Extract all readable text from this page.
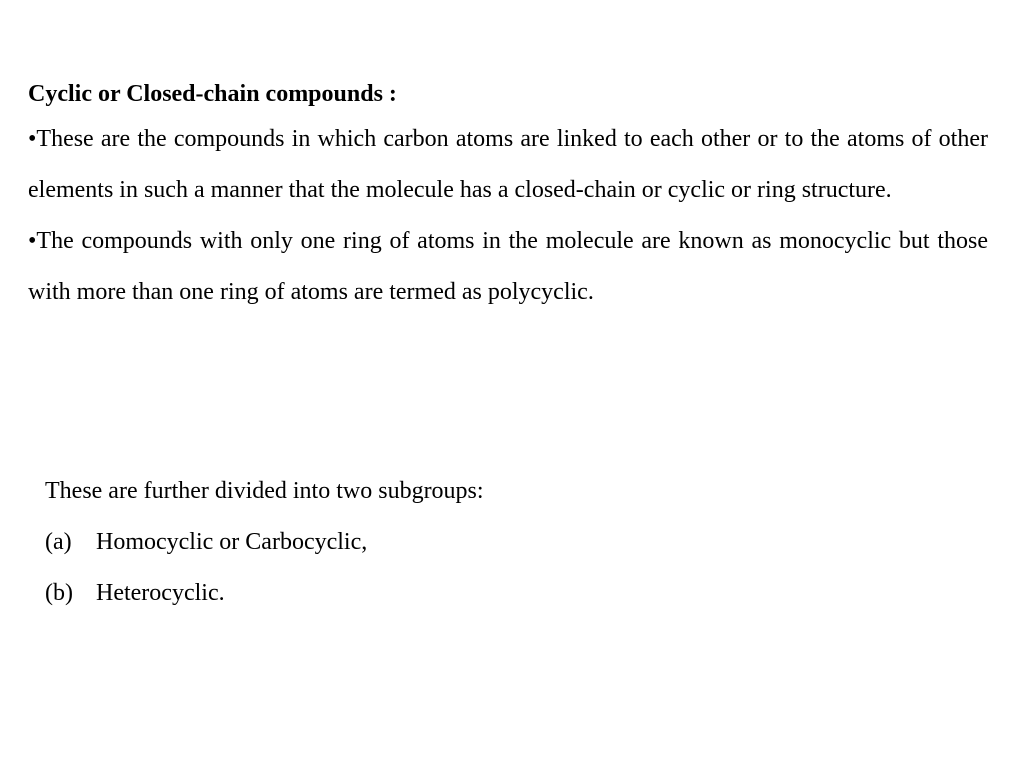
Cyclic or Closed-chain compounds :

•These are the compounds in which carbon atoms are linked to each other or to the atoms of other elements in such a manner that the molecule has a closed-chain or cyclic or ring structure.

•The compounds with only one ring of atoms in the molecule are known as monocyclic but those with more than one ring of atoms are termed as polycyclic.

These are further divided into two subgroups:

(a)	Homocyclic or Carbocyclic,

(b) Heterocyclic.
